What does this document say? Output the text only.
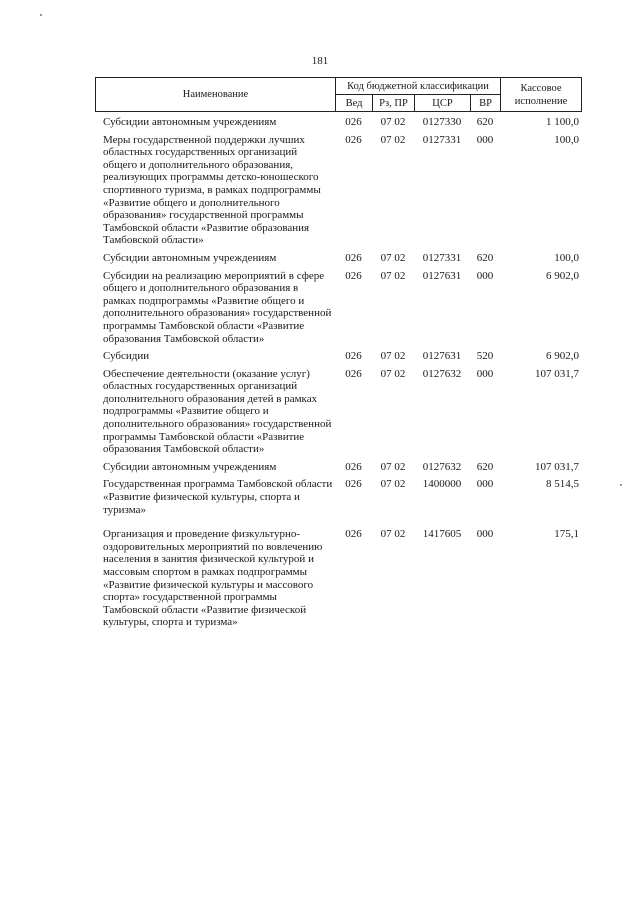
181
Наименование	Код бюджетной классификации				Кассовое исполнение
	Вед	Рз, ПР	ЦСР	ВР	
Субсидии автономным учреждениям	026	07 02	0127330	620	1 100,0
Меры государственной поддержки лучших областных государственных организаций общего и дополнительного образования, реализующих программы детско-юношеского спортивного туризма, в рамках подпрограммы «Развитие общего и дополнительного образования» государственной программы Тамбовской области «Развитие образования Тамбовской области»	026	07 02	0127331	000	100,0
Субсидии автономным учреждениям	026	07 02	0127331	620	100,0
Субсидии на реализацию мероприятий в сфере общего и дополнительного образования в рамках подпрограммы «Развитие общего и дополнительного образования» государственной программы Тамбовской области «Развитие образования Тамбовской области»	026	07 02	0127631	000	6 902,0
Субсидии	026	07 02	0127631	520	6 902,0
Обеспечение деятельности (оказание услуг) областных государственных организаций дополнительного образования детей в рамках подпрограммы «Развитие общего и дополнительного образования» государственной программы Тамбовской области «Развитие образования Тамбовской области»	026	07 02	0127632	000	107 031,7
Субсидии автономным учреждениям	026	07 02	0127632	620	107 031,7
Государственная программа Тамбовской области «Развитие физической культуры, спорта и туризма»	026	07 02	1400000	000	8 514,5
Организация и проведение физкультурно-оздоровительных мероприятий по вовлечению населения в занятия физической культурой и массовым спортом в рамках подпрограммы «Развитие физической культуры и массового спорта» государственной программы Тамбовской области «Развитие физической культуры, спорта и туризма»	026	07 02	1417605	000	175,1
